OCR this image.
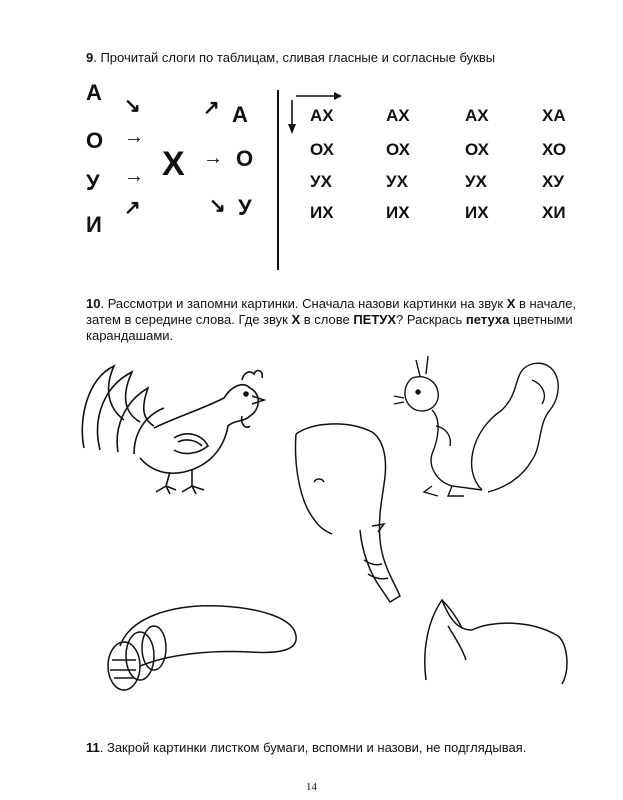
9. Прочитай слоги по таблицам, сливая гласные и согласные буквы
А
О
У
И
↘
→
→
↗
Х
↗
→
↘
А
О
У
АХ	АХ	АХ	ХА
ОХ	ОХ	ОХ	ХО
УХ	УХ	УХ	ХУ
ИХ	ИХ	ИХ	ХИ
10. Рассмотри и запомни картинки. Сначала назови картинки на звук Х в начале, затем в середине слова. Где звук Х в слове ПЕТУХ? Раскрась петуха цветными карандашами.
11. Закрой картинки листком бумаги, вспомни и назови, не подглядывая.
14
